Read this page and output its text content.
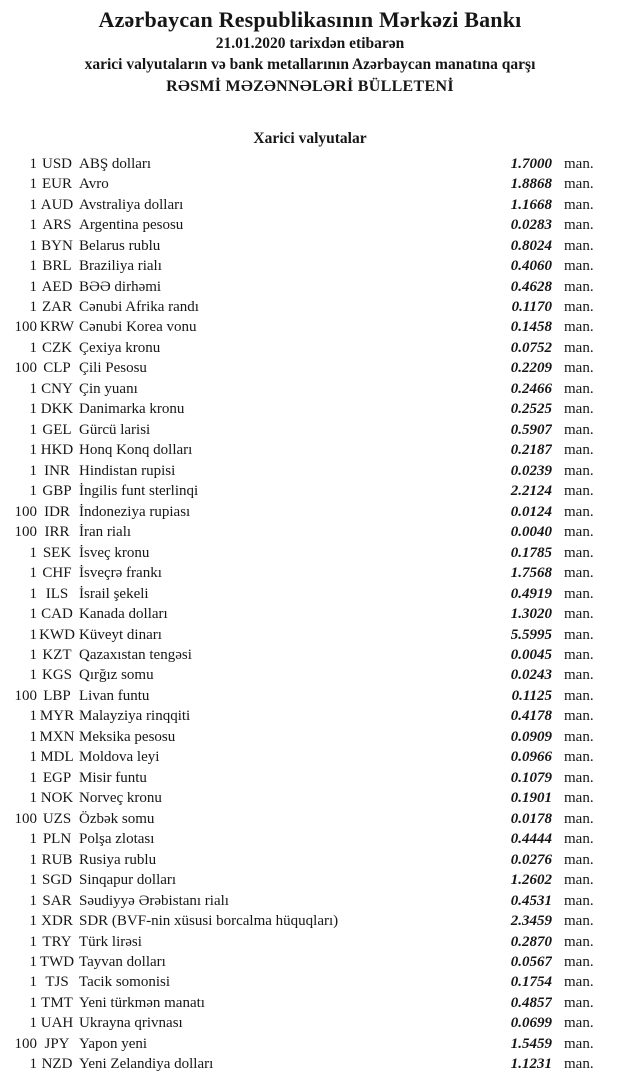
Azərbaycan Respublikasının Mərkəzi Bankı
21.01.2020 tarixdən etibarən
xarici valyutaların və bank metallarının Azərbaycan manatına qarşı
RƏSMİ MƏZƏNNƏLƏRİ BÜLLETENİ
Xarici valyutalar
1 USD ABŞ dolları	1.7000 man.
1 EUR Avro	1.8868 man.
1 AUD Avstraliya dolları	1.1668 man.
1 ARS Argentina pesosu	0.0283 man.
1 BYN Belarus rublu	0.8024 man.
1 BRL Braziliya rialı	0.4060 man.
1 AED BƏƏ dirhəmi	0.4628 man.
1 ZAR Cənubi Afrika randı	0.1170 man.
100 KRW Cənubi Korea vonu	0.1458 man.
1 CZK Çexiya kronu	0.0752 man.
100 CLP Çili Pesosu	0.2209 man.
1 CNY Çin yuanı	0.2466 man.
1 DKK Danimarka kronu	0.2525 man.
1 GEL Gürcü larisi	0.5907 man.
1 HKD Honq Konq dolları	0.2187 man.
1 INR Hindistan rupisi	0.0239 man.
1 GBP İngilis funt sterlinqi	2.2124 man.
100 IDR İndoneziya rupiası	0.0124 man.
100 IRR İran rialı	0.0040 man.
1 SEK İsveç kronu	0.1785 man.
1 CHF İsveçrə frankı	1.7568 man.
1 ILS İsrail şekeli	0.4919 man.
1 CAD Kanada dolları	1.3020 man.
1 KWD Küveyt dinarı	5.5995 man.
1 KZT Qazaxıstan tengəsi	0.0045 man.
1 KGS Qırğız somu	0.0243 man.
100 LBP Livan funtu	0.1125 man.
1 MYR Malayziya rinqqiti	0.4178 man.
1 MXN Meksika pesosu	0.0909 man.
1 MDL Moldova leyi	0.0966 man.
1 EGP Misir funtu	0.1079 man.
1 NOK Norveç kronu	0.1901 man.
100 UZS Özbək somu	0.0178 man.
1 PLN Polşa zlotası	0.4444 man.
1 RUB Rusiya rublu	0.0276 man.
1 SGD Sinqapur dolları	1.2602 man.
1 SAR Səudiyyə Ərəbistanı rialı	0.4531 man.
1 XDR SDR (BVF-nin xüsusi borcalma hüquqları)	2.3459 man.
1 TRY Türk lirəsi	0.2870 man.
1 TWD Tayvan dolları	0.0567 man.
1 TJS Tacik somonisi	0.1754 man.
1 TMT Yeni türkmən manatı	0.4857 man.
1 UAH Ukrayna qrivnası	0.0699 man.
100 JPY Yapon yeni	1.5459 man.
1 NZD Yeni Zelandiya dolları	1.1231 man.
